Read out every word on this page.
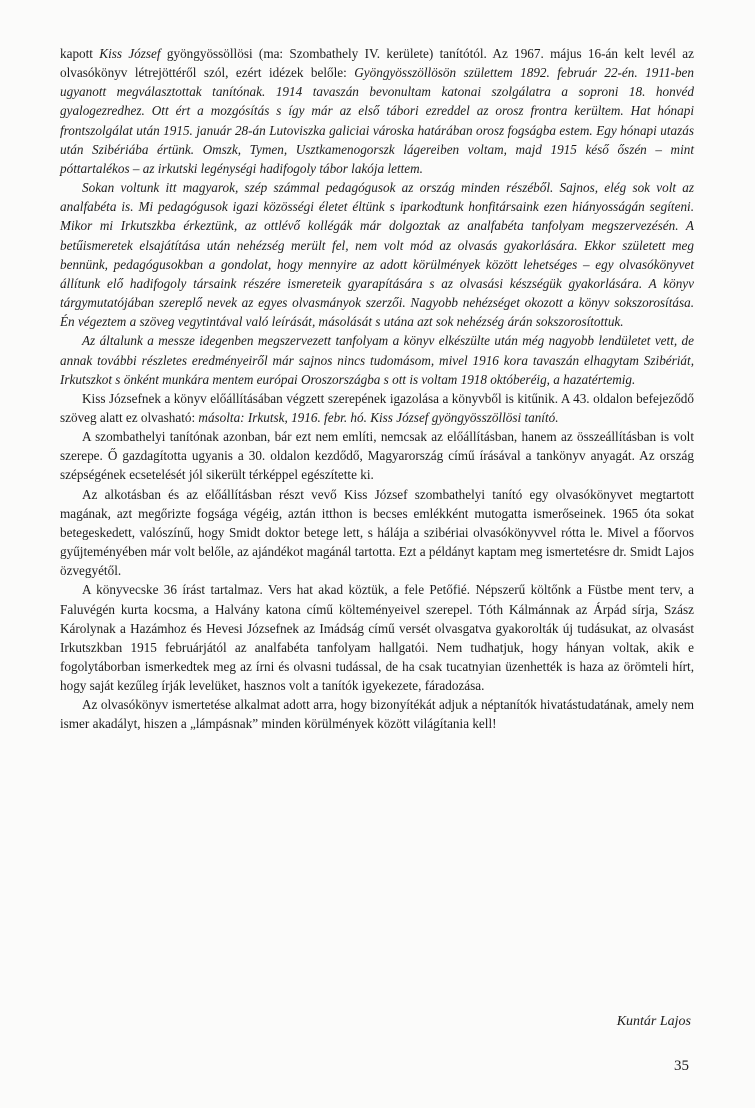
kapott Kiss József gyöngyössöllösi (ma: Szombathely IV. kerülete) tanítótól. Az 1967. május 16-án kelt levél az olvasókönyv létrejöttéről szól, ezért idézek belőle: Gyöngyösszöllösön születtem 1892. február 22-én. 1911-ben ugyanott megválasztottak tanítónak. 1914 tavaszán bevonultam katonai szolgálatra a soproni 18. honvéd gyalogezredhez. Ott ért a mozgósítás s így már az első tábori ezreddel az orosz frontra kerültem. Hat hónapi frontszolgálat után 1915. január 28-án Lutoviszka galiciai városka határában orosz fogságba estem. Egy hónapi utazás után Szibériába értünk. Omszk, Tymen, Usztkamenogorszk lágereiben voltam, majd 1915 késő őszén – mint póttartalékos – az irkutski legénységi hadifogoly tábor lakója lettem.

Sokan voltunk itt magyarok, szép számmal pedagógusok az ország minden részéből. Sajnos, elég sok volt az analfabéta is. Mi pedagógusok igazi közösségi életet éltünk s iparkodtunk honfitársaink ezen hiányosságán segíteni. Mikor mi Irkutszkba érkeztünk, az ottlévő kollégák már dolgoztak az analfabéta tanfolyam megszervezésén. A betűismeretek elsajátítása után nehézség merült fel, nem volt mód az olvasás gyakorlására. Ekkor született meg bennünk, pedagógusokban a gondolat, hogy mennyire az adott körülmények között lehetséges – egy olvasókönyvet állítunk elő hadifogoly társaink részére ismereteik gyarapítására s az olvasási készségük gyakorlására. A könyv tárgymutatójában szereplő nevek az egyes olvasmányok szerzői. Nagyobb nehézséget okozott a könyv sokszorosítása. Én végeztem a szöveg vegytintával való leírását, másolását s utána azt sok nehézség árán sokszorosítottuk.

Az általunk a messze idegenben megszervezett tanfolyam a könyv elkészülte után még nagyobb lendületet vett, de annak további részletes eredményeiről már sajnos nincs tudomásom, mivel 1916 kora tavaszán elhagytam Szibériát, Irkutszkot s önként munkára mentem európai Oroszországba s ott is voltam 1918 októberéig, a hazatértemig.

Kiss Józsefnek a könyv előállításában végzett szerepének igazolása a könyvből is kitűnik. A 43. oldalon befejeződő szöveg alatt ez olvasható: másolta: Irkutsk, 1916. febr. hó. Kiss József gyöngyösszöllösi tanító.

A szombathelyi tanítónak azonban, bár ezt nem említi, nemcsak az előállításban, hanem az összeállításban is volt szerepe. Ő gazdagította ugyanis a 30. oldalon kezdődő, Magyarország című írásával a tankönyv anyagát. Az ország szépségének ecsetelését jól sikerült térképpel egészítette ki.

Az alkotásban és az előállításban részt vevő Kiss József szombathelyi tanító egy olvasókönyvet megtartott magának, azt megőrizte fogsága végéig, aztán itthon is becses emlékként mutogatta ismerőseinek. 1965 óta sokat betegeskedett, valószínű, hogy Smidt doktor betege lett, s hálája a szibériai olvasókönyvvel rótta le. Mivel a főorvos gyűjteményében már volt belőle, az ajándékot magánál tartotta. Ezt a példányt kaptam meg ismertetésre dr. Smidt Lajos özvegyétől.

A könyvecske 36 írást tartalmaz. Vers hat akad köztük, a fele Petőfié. Népszerű költőnk a Füstbe ment terv, a Faluvégén kurta kocsma, a Halvány katona című költeményeivel szerepel. Tóth Kálmánnak az Árpád sírja, Szász Károlynak a Hazámhoz és Hevesi Józsefnek az Imádság című versét olvasgatva gyakorolták új tudásukat, az olvasást Irkutszkban 1915 februárjától az analfabéta tanfolyam hallgatói. Nem tudhatjuk, hogy hányan voltak, akik e fogolytáborban ismerkedtek meg az írni és olvasni tudással, de ha csak tucatnyian üzenhették is haza az örömteli hírt, hogy saját kezűleg írják levelüket, hasznos volt a tanítók igyekezete, fáradozása.

Az olvasókönyv ismertetése alkalmat adott arra, hogy bizonyítékát adjuk a néptanítók hivatástudatának, amely nem ismer akadályt, hiszen a „lámpásnak” minden körülmények között világítania kell!

Kuntár Lajos
35
